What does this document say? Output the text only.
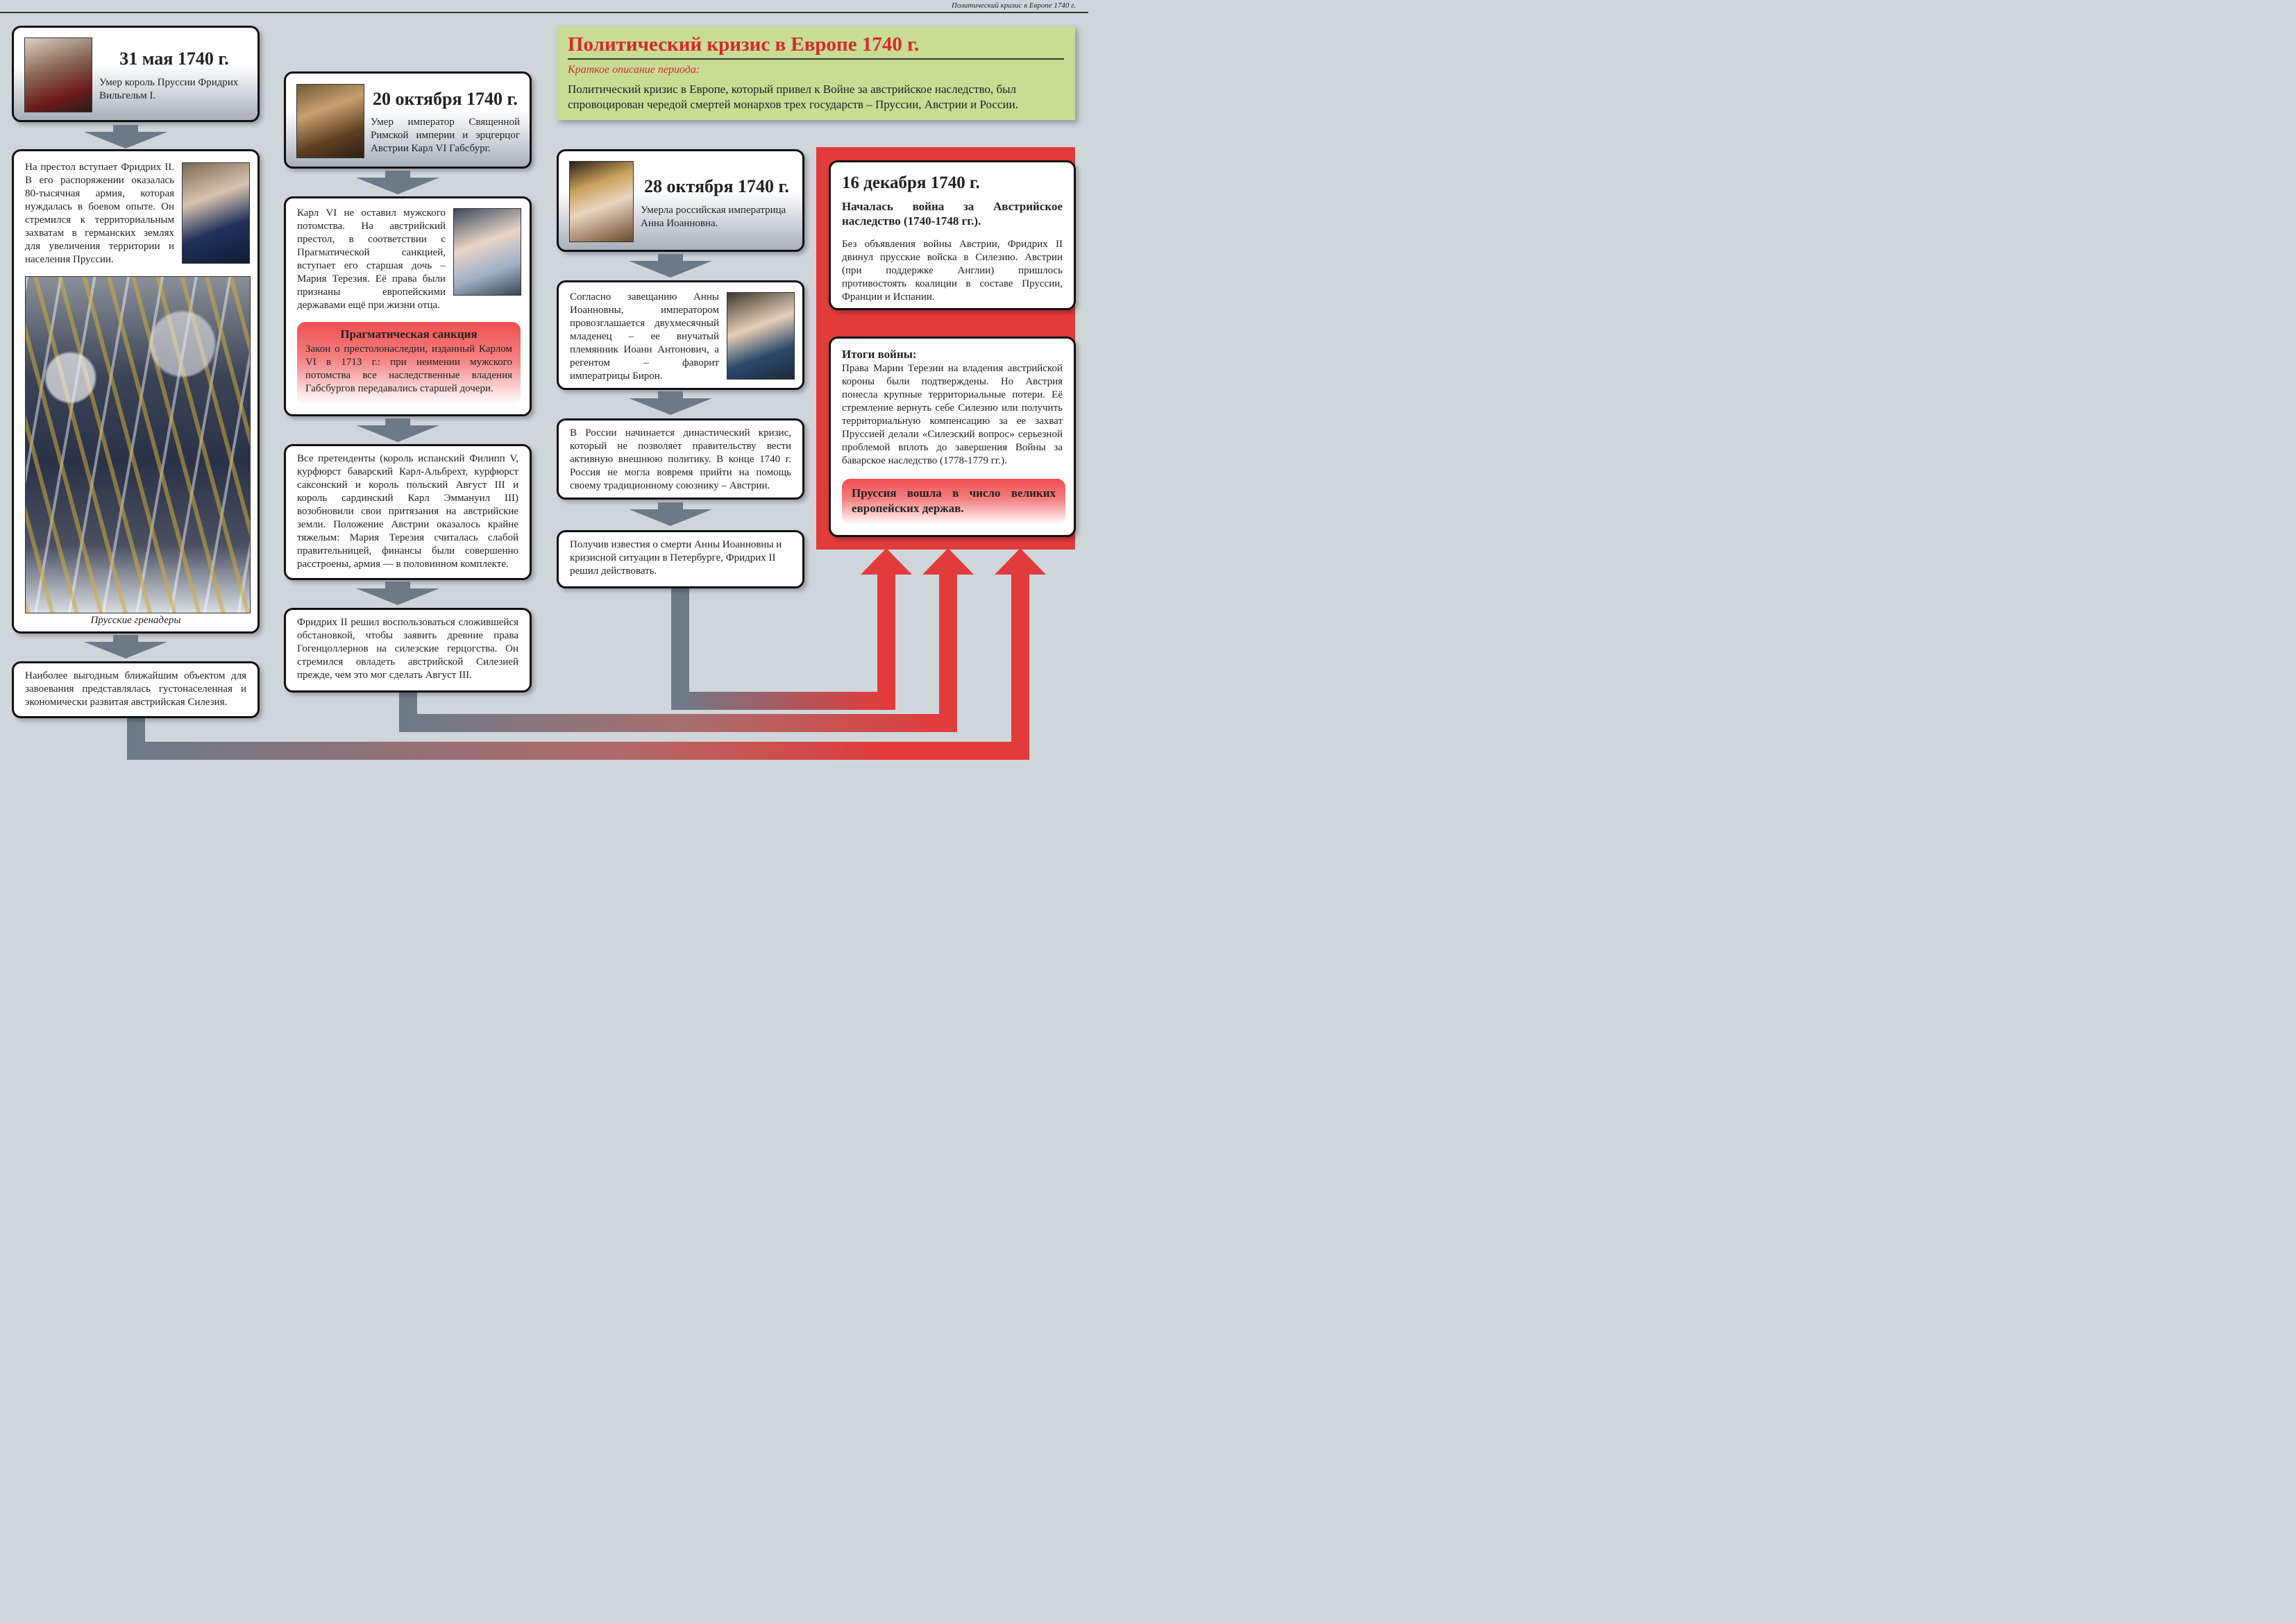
Политический кризис в Европе 1740 г.
31 мая 1740 г.
Умер король Пруссии Фридрих Вильгельм I.
На престол вступает Фридрих II. В его распоряжении оказалась 80-тысячная армия, которая нуждалась в боевом опыте. Он стремился к территориальным захватам в германских землях для увеличения территории и населения Пруссии.
Прусские гренадеры
Наиболее выгодным ближайшим объектом для завоевания представлялась густонаселенная и экономически развитая австрийская Силезия.
20 октября 1740 г.
Умер император Священной Римской империи и эрцгерцог Австрии Карл VI Габсбург.
Карл VI не оставил мужского потомства. На австрийский престол, в соответствии с Прагматической санкцией, вступает его старшая дочь – Мария Терезия. Её права были признаны европейскими державами ещё при жизни отца.
Прагматическая санкция
Закон о престолонаследии, изданный Карлом VI в 1713 г.: при неимении мужского потомства все наследственные владения Габсбургов передавались старшей дочери.
Все претенденты (король испанский Филипп V, курфюрст баварский Карл-Альбрехт, курфюрст саксонский и король польский Август III и король сардинский Карл Эммануил III) возобновили свои притязания на австрийские земли. Положение Австрии оказалось крайне тяжелым: Мария Терезия считалась слабой правительницей, финансы были совершенно расстроены, армия — в половинном комплекте.
Фридрих II решил воспользоваться сложившейся обстановкой, чтобы заявить древние права Гогенцоллернов на силезские герцогства. Он стремился овладеть австрийской Силезией прежде, чем это мог сделать Август III.
Политический кризис в Европе 1740 г.
Краткое описание периода:
Политический кризис в Европе, который привел к Войне за австрийское наследство, был спровоцирован чередой смертей монархов трех государств – Пруссии, Австрии и России.
28 октября 1740 г.
Умерла российская императрица Анна Иоанновна.
Согласно завещанию Анны Иоанновны, императором провозглашается двухмесячный младенец – ее внучатый племянник Иоанн Антонович, а регентом – фаворит императрицы Бирон.
В России начинается династический кризис, который не позволяет правительству вести активную внешнюю политику. В конце 1740 г. Россия не могла вовремя прийти на помощь своему традиционному союзнику – Австрии.
Получив известия о смерти Анны Иоанновны и кризисной ситуации в Петербурге, Фридрих II решил действовать.
16 декабря 1740 г.
Началась война за Австрийское наследство (1740-1748 гг.).
Без объявления войны Австрии, Фридрих II двинул прусские войска в Силезию. Австрии (при поддержке Англии) пришлось противостоять коалиции в составе Пруссии, Франции и Испании.
Итоги войны:
Права Марии Терезии на владения австрийской короны были подтверждены. Но Австрия понесла крупные территориальные потери. Её стремление вернуть себе Силезию или получить территориальную компенсацию за ее захват Пруссией делали «Силезский вопрос» серьезной проблемой вплоть до завершения Войны за баварское наследство (1778-1779 гг.).
Пруссия вошла в число великих европейских держав.
